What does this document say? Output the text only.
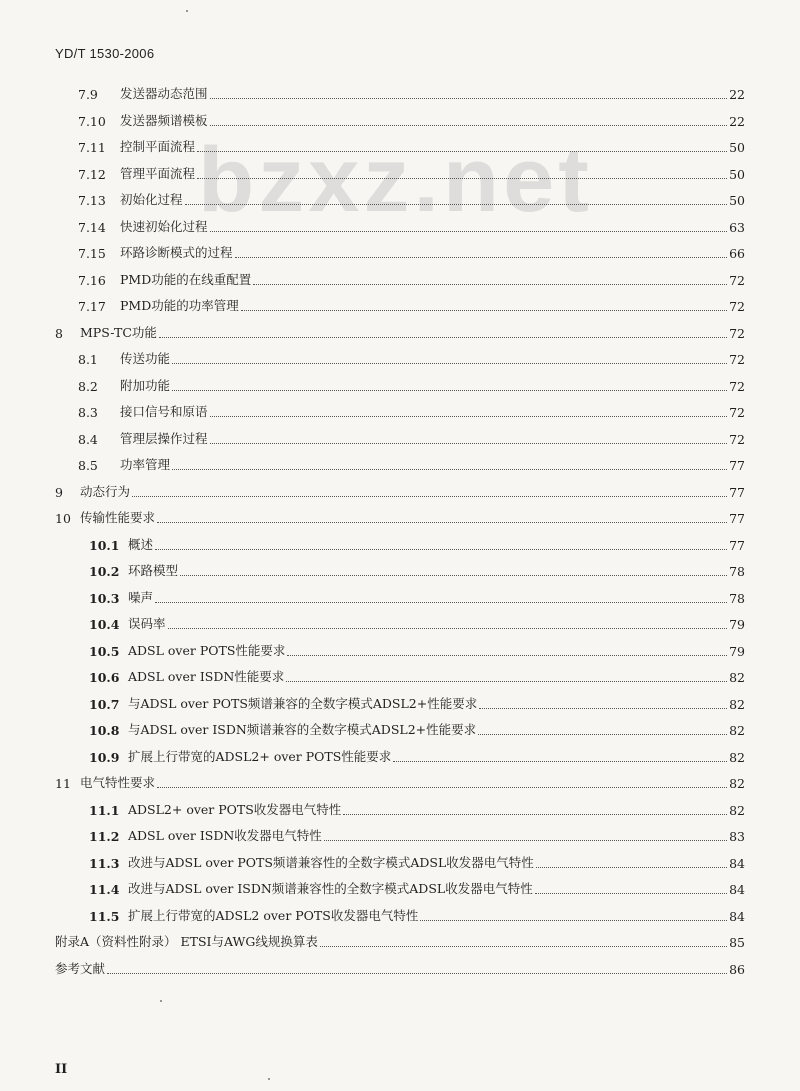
YD/T 1530-2006
bzxz.net
7.9 发送器动态范围	22
7.10 发送器频谱模板	22
7.11 控制平面流程	50
7.12 管理平面流程	50
7.13 初始化过程	50
7.14 快速初始化过程	63
7.15 环路诊断模式的过程	66
7.16 PMD功能的在线重配置	72
7.17 PMD功能的功率管理	72
8 MPS-TC功能	72
8.1 传送功能	72
8.2 附加功能	72
8.3 接口信号和原语	72
8.4 管理层操作过程	72
8.5 功率管理	77
9 动态行为	77
10 传输性能要求	77
10.1 概述	77
10.2 环路模型	78
10.3 噪声	78
10.4 误码率	79
10.5 ADSL over POTS性能要求	79
10.6 ADSL over ISDN性能要求	82
10.7 与ADSL over POTS频谱兼容的全数字模式ADSL2+性能要求	82
10.8 与ADSL over ISDN频谱兼容的全数字模式ADSL2+性能要求	82
10.9 扩展上行带宽的ADSL2+ over POTS性能要求	82
11 电气特性要求	82
11.1 ADSL2+ over POTS收发器电气特性	82
11.2 ADSL over ISDN收发器电气特性	83
11.3 改进与ADSL over POTS频谱兼容性的全数字模式ADSL收发器电气特性	84
11.4 改进与ADSL over ISDN频谱兼容性的全数字模式ADSL收发器电气特性	84
11.5 扩展上行带宽的ADSL2 over POTS收发器电气特性	84
附录A（资料性附录） ETSI与AWG线规换算表	85
参考文献	86
II
